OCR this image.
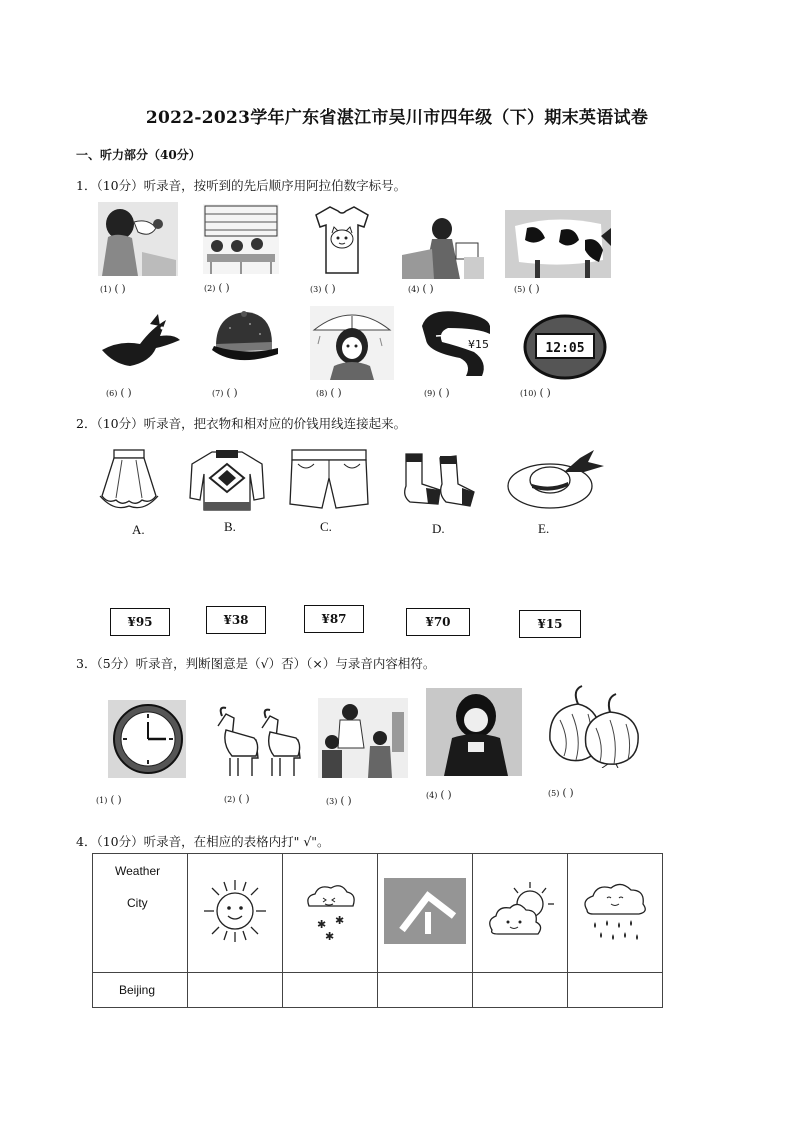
2022-2023学年广东省湛江市吴川市四年级（下）期末英语试卷
一、听力部分（40分）
1．（10分）听录音，按听到的先后顺序用阿拉伯数字标号。
(1) ( )	(2) ( )	(3) ( )	(4) ( )	(5) ( )
¥15	12:05
(6) ( )	(7) ( )	(8) ( )	(9) ( )	(10) ( )
2．（10分）听录音，把衣物和相对应的价钱用线连接起来。
A.	B.	C.	D.	E.
¥95	¥38	¥87	¥70	¥15
3．（5分）听录音，判断图意是（√）否）（×）与录音内容相符。
(1) ( )	(2) ( )	(3) ( )
(4) ( )	(5) ( )
4．（10分）听录音，在相应的表格内打" √"。
Weather
City		✱ ✱
✱

Beijing					
